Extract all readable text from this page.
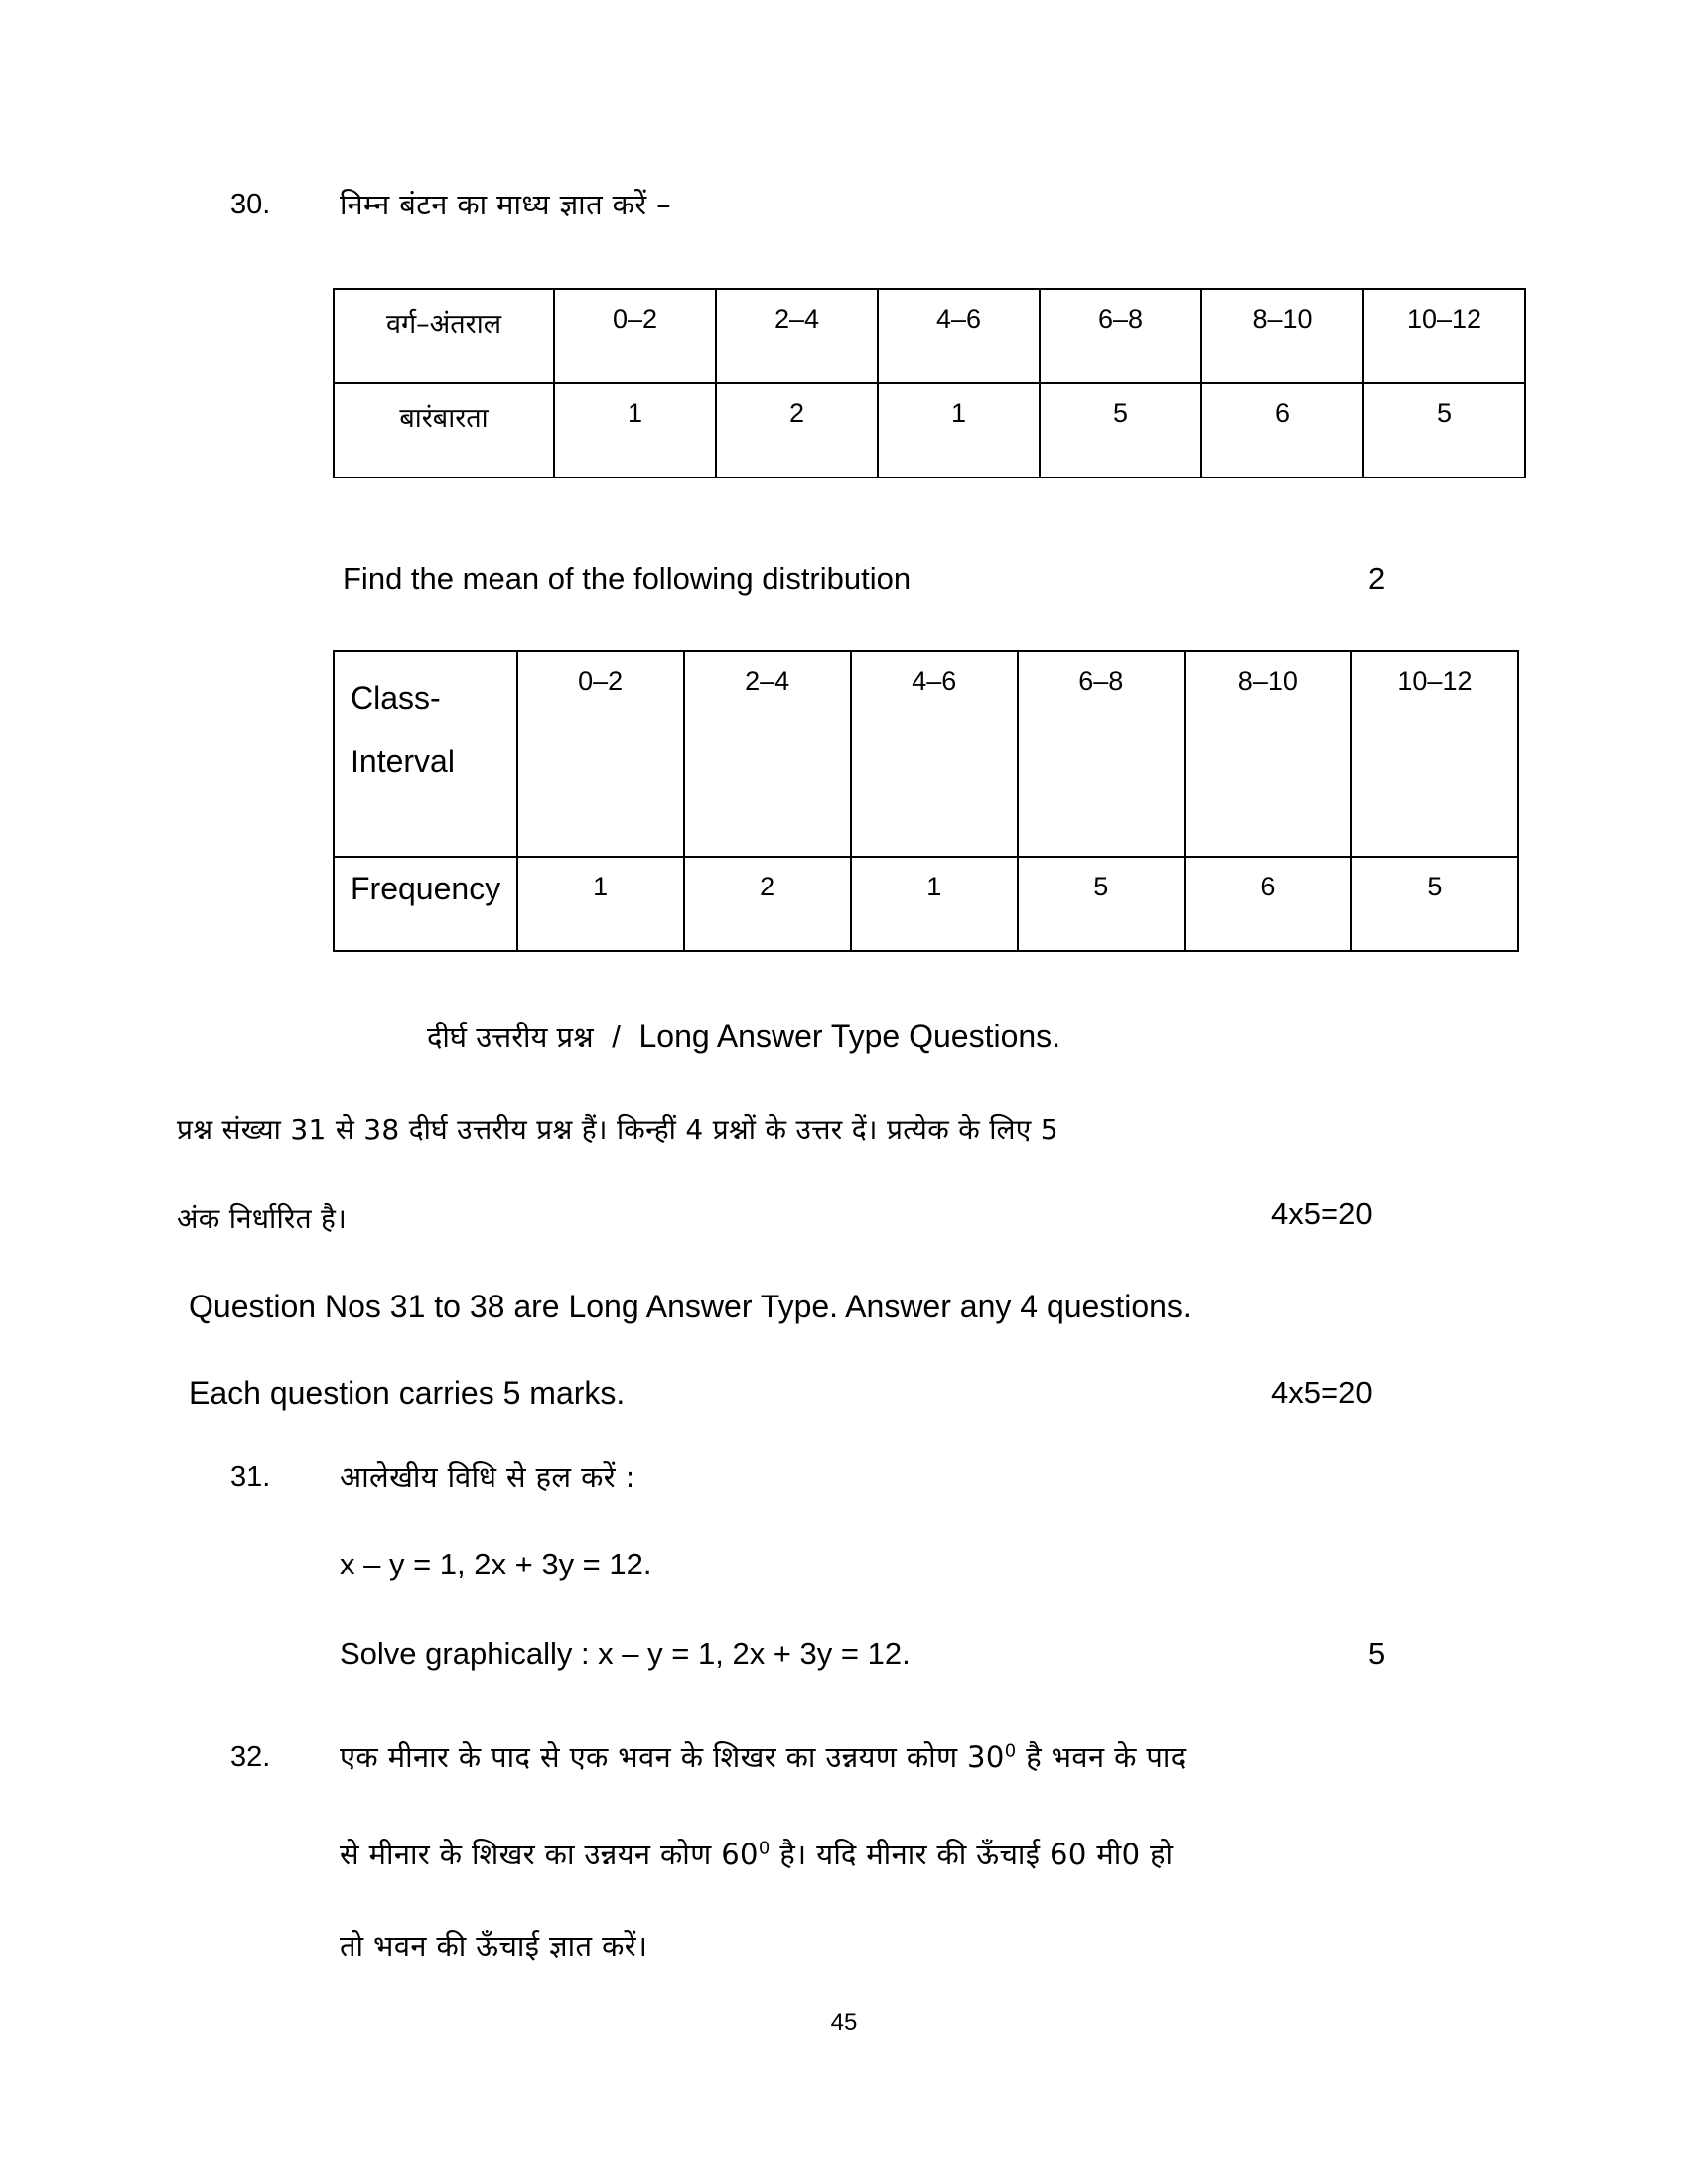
30.	निम्न बंटन का माध्य ज्ञात करें –
वर्ग–अंतराल	0–2	2–4	4–6	6–8	8–10	10–12
बारंबारता	1	2	1	5	6	5
Find the mean of the following distribution	2
Class-
Interval	0–2	2–4	4–6	6–8	8–10	10–12
Frequency	1	2	1	5	6	5
दीर्घ उत्तरीय प्रश्न / Long Answer Type Questions.
प्रश्न संख्या 31 से 38 दीर्घ उत्तरीय प्रश्न हैं। किन्हीं 4 प्रश्नों के उत्तर दें। प्रत्येक के लिए 5
अंक निर्धारित है।	4x5=20
Question Nos 31 to 38 are Long Answer Type. Answer any 4 questions.
Each question carries 5 marks.	4x5=20
31.	आलेखीय विधि से हल करें :
x – y = 1, 2x + 3y = 12.
Solve graphically : x – y = 1, 2x + 3y = 12.	5
32.	एक मीनार के पाद से एक भवन के शिखर का उन्नयण कोण $30^0$ है भवन के पाद
से मीनार के शिखर का उन्नयन कोण $60^0$ है। यदि मीनार की ऊँचाई 60 मी0 हो
तो भवन की ऊँचाई ज्ञात करें।
45
